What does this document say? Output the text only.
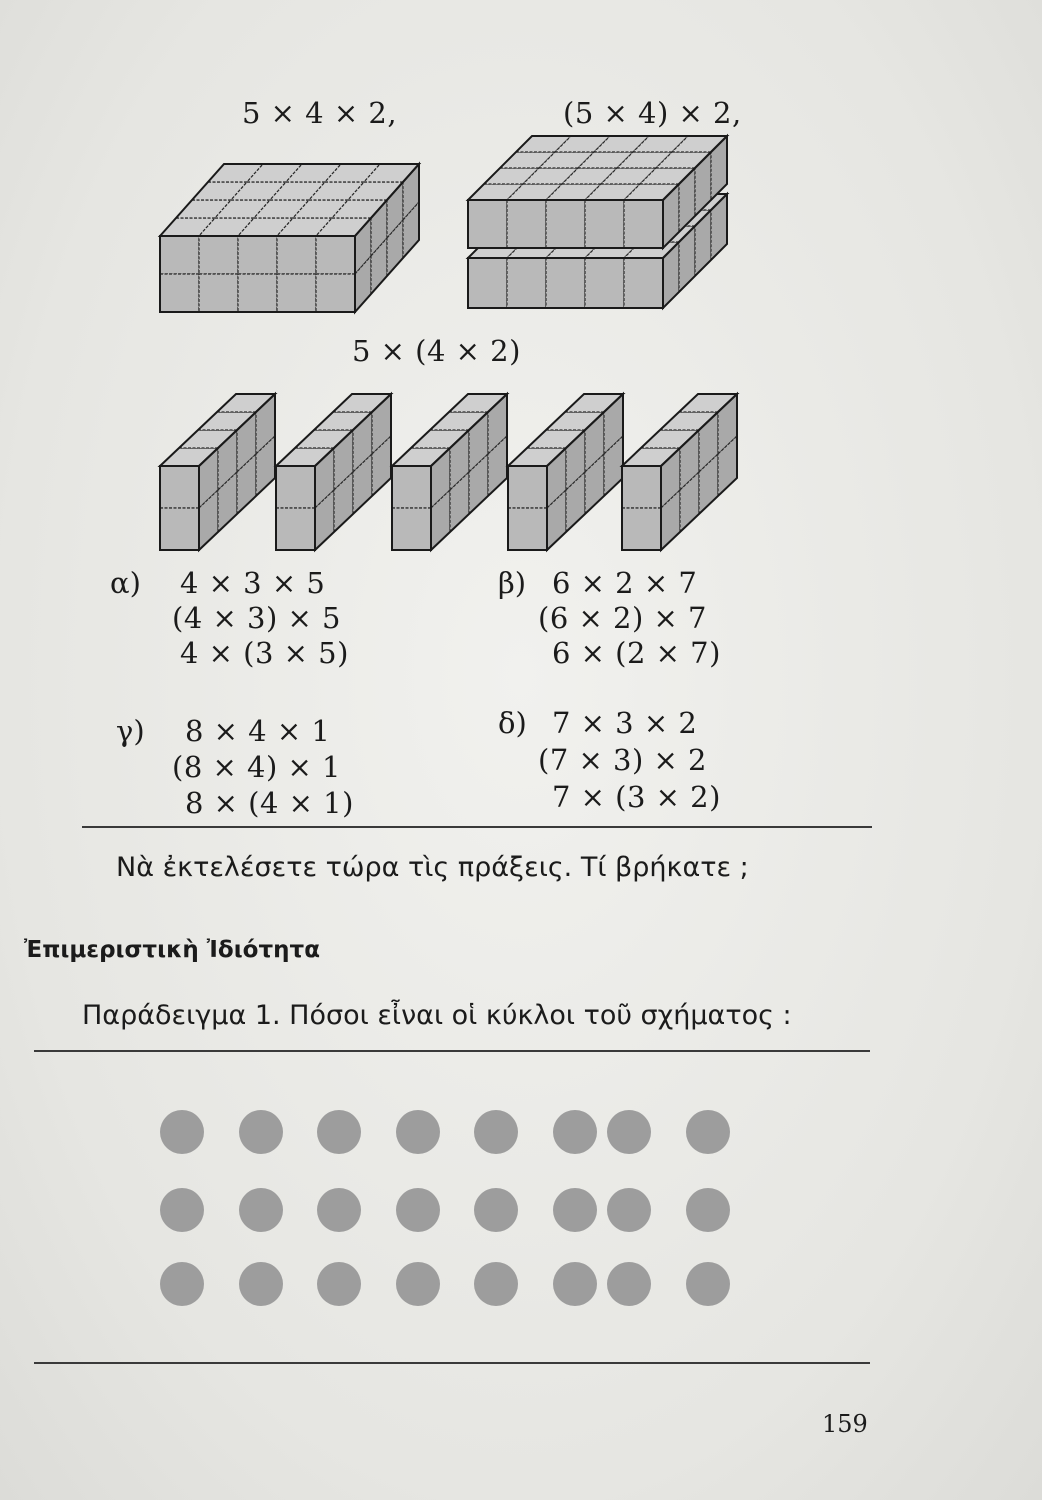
5 × 4 × 2,	(5 × 4) × 2,
5 × (4 × 2)
α) 4 × 3 × 5
(4 × 3) × 5
4 × (3 × 5)
β) 6 × 2 × 7
(6 × 2) × 7
6 × (2 × 7)
γ) 8 × 4 × 1
(8 × 4) × 1
8 × (4 × 1)
δ) 7 × 3 × 2
(7 × 3) × 2
7 × (3 × 2)
Νὰ ἐκτελέσετε τώρα τὶς πράξεις. Τί βρήκατε ;
Ἐπιμεριστικὴ Ἰδιότητα
Παράδειγμα 1. Πόσοι εἶναι οἱ κύκλοι τοῦ σχήματος :
159
